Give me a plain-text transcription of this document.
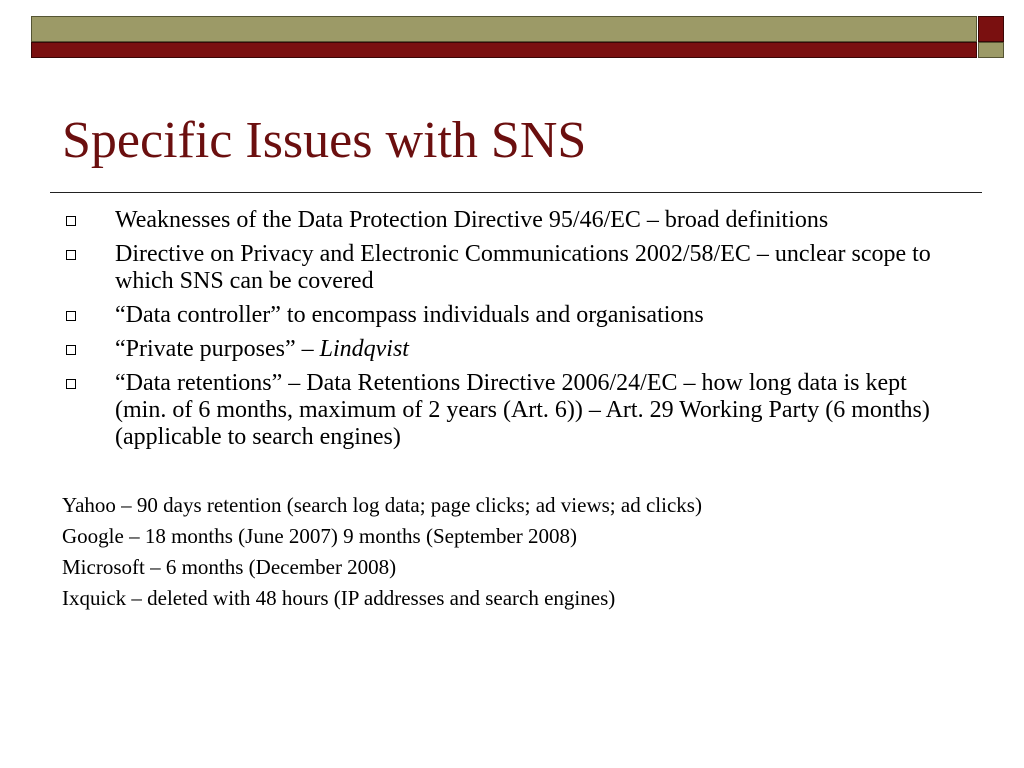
Specific Issues with SNS
Weaknesses of the Data Protection Directive 95/46/EC – broad definitions
Directive on Privacy and Electronic Communications 2002/58/EC – unclear scope to which SNS can be covered
“Data controller” to encompass individuals and organisations
“Private purposes” – Lindqvist
“Data retentions” – Data Retentions Directive 2006/24/EC – how long data is kept (min. of 6 months, maximum of 2 years (Art. 6)) – Art. 29 Working Party (6 months) (applicable to search engines)
Yahoo – 90 days retention (search log data; page clicks; ad views; ad clicks)
Google – 18 months (June 2007) 9 months (September 2008)
Microsoft – 6 months (December 2008)
Ixquick – deleted with 48 hours (IP addresses and search engines)
